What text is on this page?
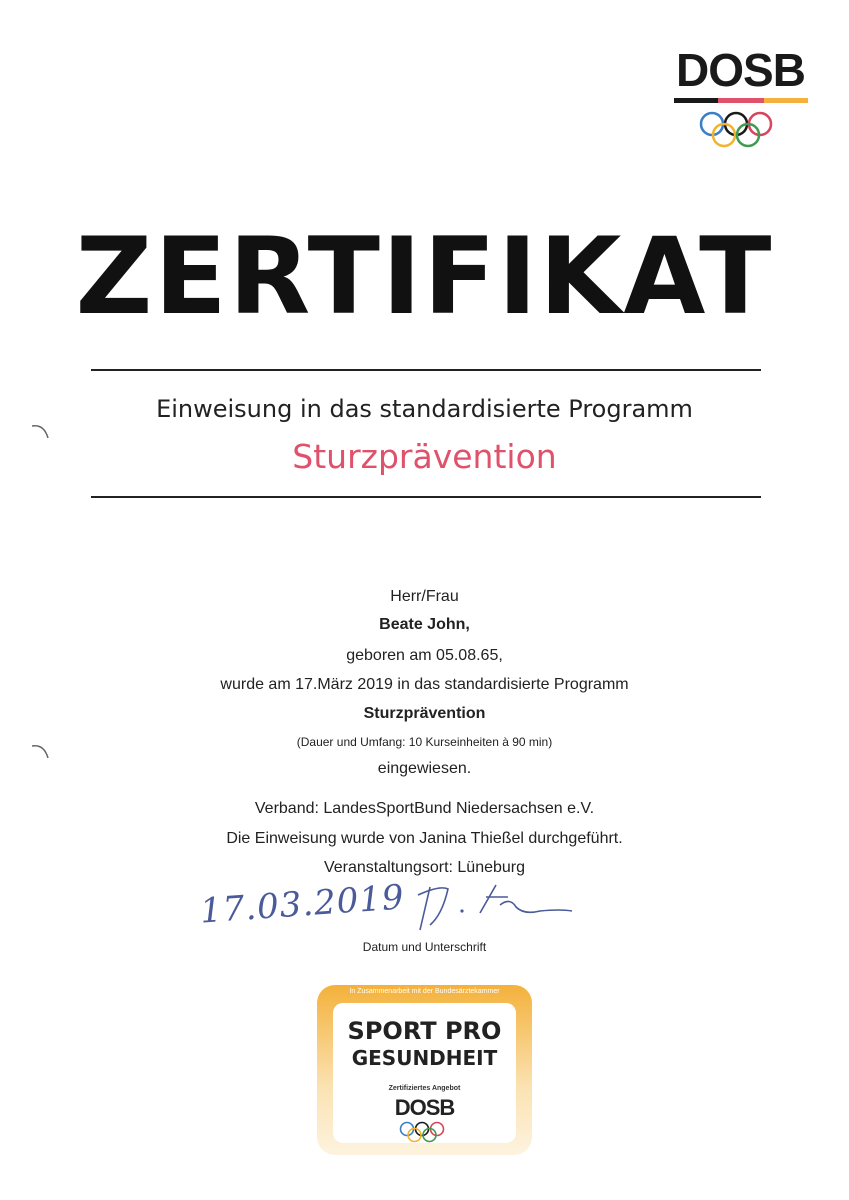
DOSB
ZERTIFIKAT
Einweisung in das standardisierte Programm
Sturzprävention
Herr/Frau
Beate John,
geboren am 05.08.65,
wurde am 17.März 2019 in das standardisierte Programm
Sturzprävention
(Dauer und Umfang: 10 Kurseinheiten à 90 min)
eingewiesen.
Verband: LandesSportBund Niedersachsen e.V.
Die Einweisung wurde von Janina Thießel durchgeführt.
Veranstaltungsort: Lüneburg
17.03.2019
Datum und Unterschrift
In Zusammenarbeit mit der Bundesärztekammer
SPORT PRO
GESUNDHEIT
Zertifiziertes Angebot
DOSB
